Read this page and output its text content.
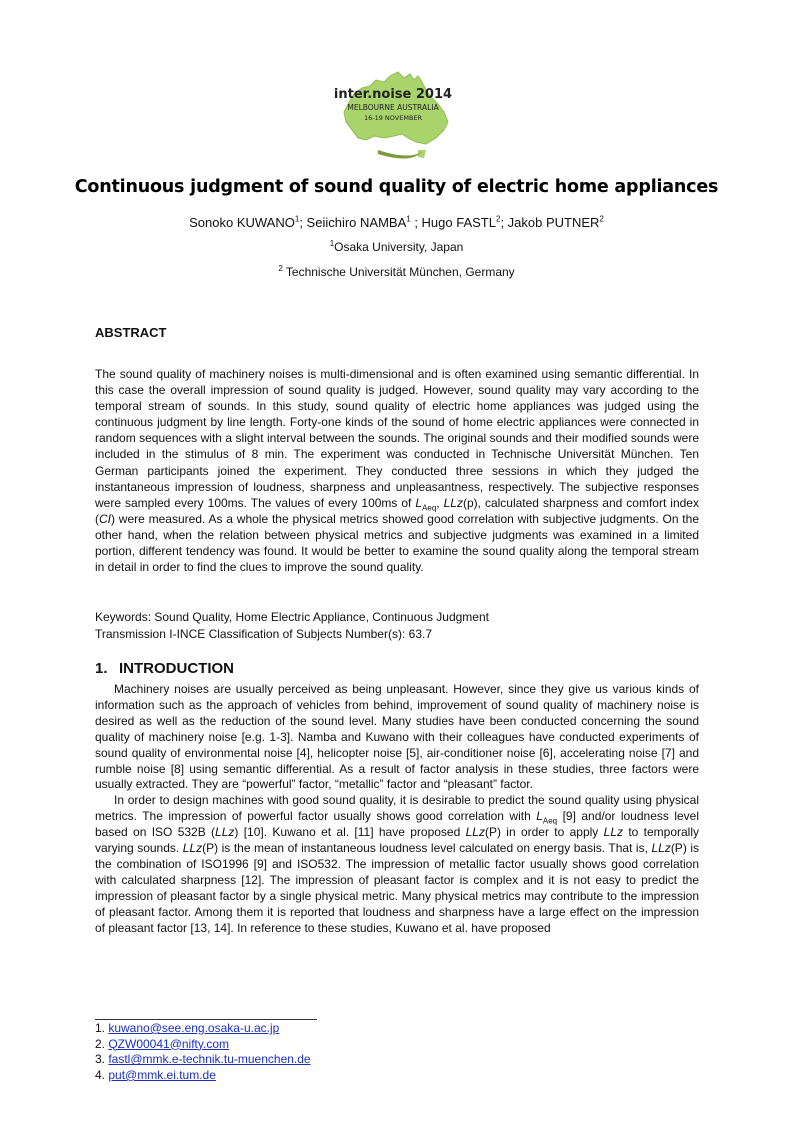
inter.noise 2014
MELBOURNE AUSTRALIA
16-19 NOVEMBER
Continuous judgment of sound quality of electric home appliances
Sonoko KUWANO$^1$; Seiichiro NAMBA$^1$ ; Hugo FASTL$^2$; Jakob PUTNER$^2$
$^1$Osaka University, Japan
$^2$ Technische Universität München, Germany
ABSTRACT

The sound quality of machinery noises is multi-dimensional and is often examined using semantic differential. In this case the overall impression of sound quality is judged. However, sound quality may vary according to the temporal stream of sounds. In this study, sound quality of electric home appliances was judged using the continuous judgment by line length. Forty-one kinds of the sound of home electric appliances were connected in random sequences with a slight interval between the sounds. The original sounds and their modified sounds were included in the stimulus of 8 min. The experiment was conducted in Technische Universität München. Ten German participants joined the experiment. They conducted three sessions in which they judged the instantaneous impression of loudness, sharpness and unpleasantness, respectively. The subjective responses were sampled every 100ms. The values of every 100ms of $L_{Aeq}$, LLz(p), calculated sharpness and comfort index (CI) were measured. As a whole the physical metrics showed good correlation with subjective judgments. On the other hand, when the relation between physical metrics and subjective judgments was examined in a limited portion, different tendency was found. It would be better to examine the sound quality along the temporal stream in detail in order to find the clues to improve the sound quality.

Keywords: Sound Quality, Home Electric Appliance, Continuous Judgment
Transmission I-INCE Classification of Subjects Number(s): 63.7
1. INTRODUCTION

Machinery noises are usually perceived as being unpleasant. However, since they give us various kinds of information such as the approach of vehicles from behind, improvement of sound quality of machinery noise is desired as well as the reduction of the sound level. Many studies have been conducted concerning the sound quality of machinery noise [e.g. 1-3]. Namba and Kuwano with their colleagues have conducted experiments of sound quality of environmental noise [4], helicopter noise [5], air-conditioner noise [6], accelerating noise [7] and rumble noise [8] using semantic differential. As a result of factor analysis in these studies, three factors were usually extracted. They are “powerful” factor, “metallic” factor and “pleasant” factor.

In order to design machines with good sound quality, it is desirable to predict the sound quality using physical metrics. The impression of powerful factor usually shows good correlation with $L_{Aeq}$ [9] and/or loudness level based on ISO 532B (LLz) [10]. Kuwano et al. [11] have proposed LLz(P) in order to apply LLz to temporally varying sounds. LLz(P) is the mean of instantaneous loudness level calculated on energy basis. That is, LLz(P) is the combination of ISO1996 [9] and ISO532. The impression of metallic factor usually shows good correlation with calculated sharpness [12]. The impression of pleasant factor is complex and it is not easy to predict the impression of pleasant factor by a single physical metric. Many physical metrics may contribute to the impression of pleasant factor. Among them it is reported that loudness and sharpness have a large effect on the impression of pleasant factor [13, 14]. In reference to these studies, Kuwano et al. have proposed

1. kuwano@see.eng.osaka-u.ac.jp
2. QZW00041@nifty.com
3. fastl@mmk.e-technik.tu-muenchen.de
4. put@mmk.ei.tum.de
